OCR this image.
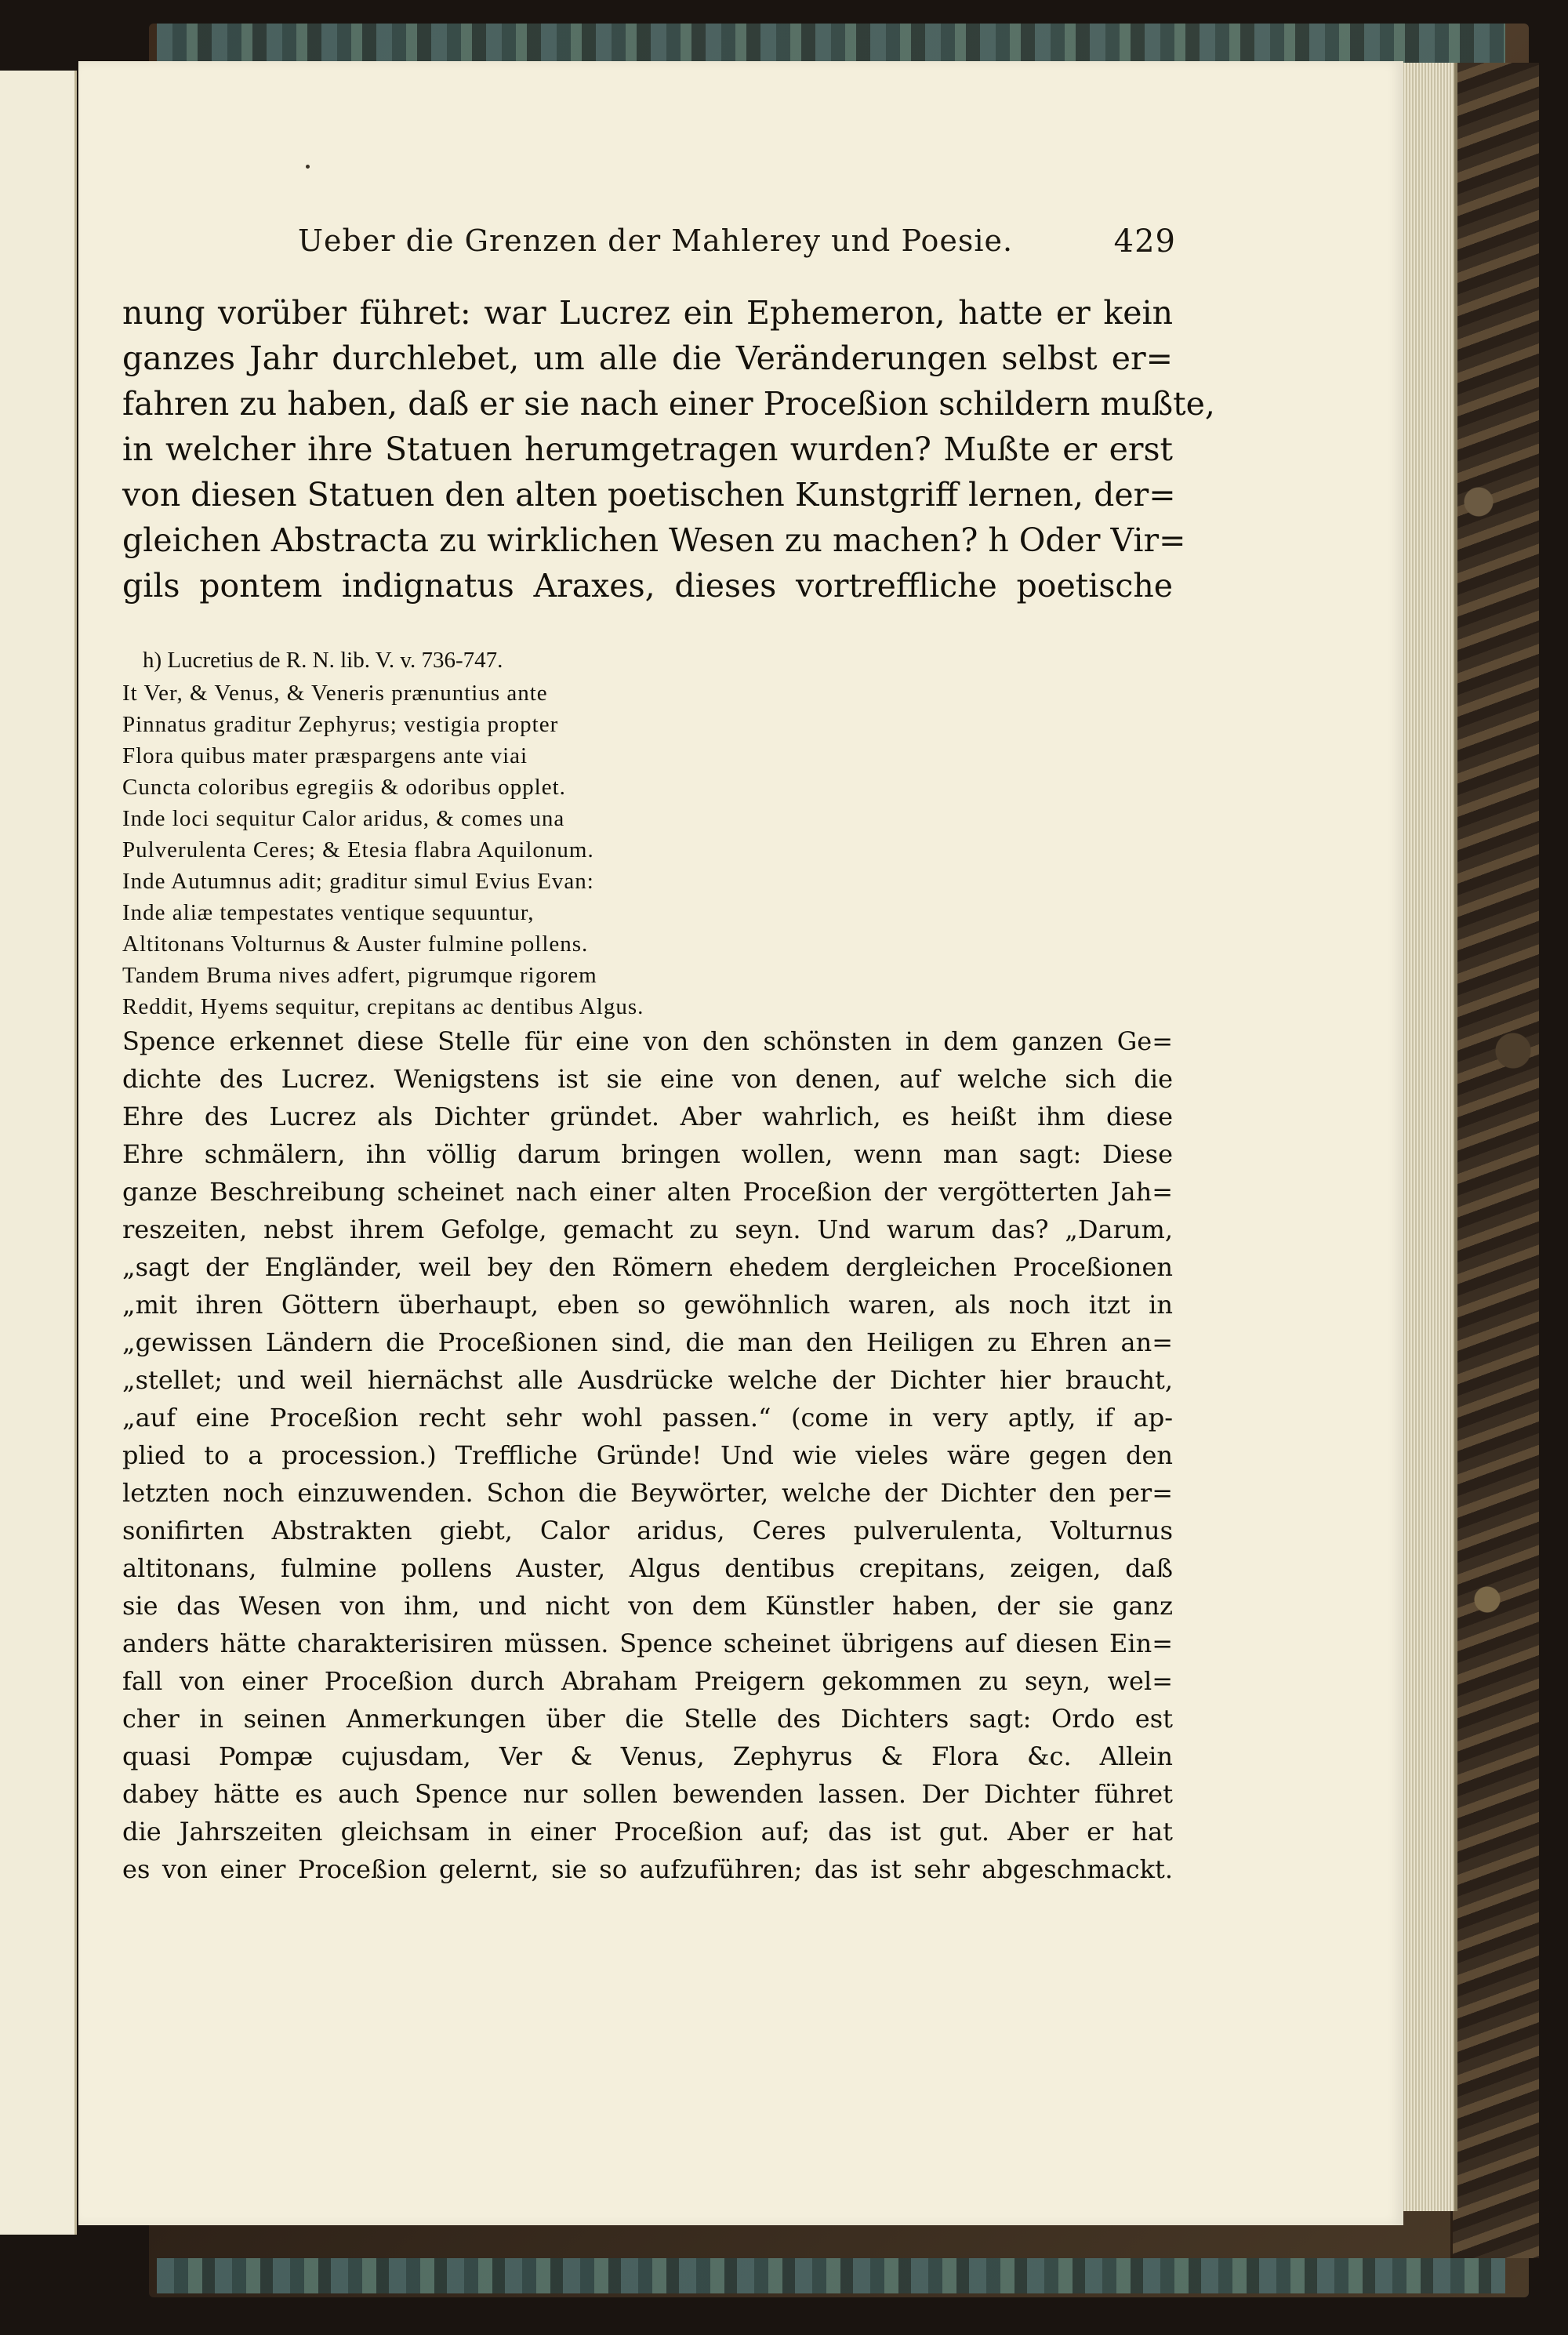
Ueber die Grenzen der Mahlerey und Poesie.	429
nung vorüber führet: war Lucrez ein Ephemeron, hatte er kein
ganzes Jahr durchlebet, um alle die Veränderungen selbst er=
fahren zu haben, daß er sie nach einer Proceßion schildern mußte,
in welcher ihre Statuen herumgetragen wurden? Mußte er erst
von diesen Statuen den alten poetischen Kunstgriff lernen, der=
gleichen Abstracta zu wirklichen Wesen zu machen? h Oder Vir=
gils pontem indignatus Araxes, dieses vortreffliche poetische
h) Lucretius de R. N. lib. V. v. 736-747.
It Ver, & Venus, & Veneris prænuntius ante
Pinnatus graditur Zephyrus; vestigia propter
Flora quibus mater præspargens ante viai
Cuncta coloribus egregiis & odoribus opplet.
Inde loci sequitur Calor aridus, & comes una
Pulverulenta Ceres; & Etesia flabra Aquilonum.
Inde Autumnus adit; graditur simul Evius Evan:
Inde aliæ tempestates ventique sequuntur,
Altitonans Volturnus & Auster fulmine pollens.
Tandem Bruma nives adfert, pigrumque rigorem
Reddit, Hyems sequitur, crepitans ac dentibus Algus.
Spence erkennet diese Stelle für eine von den schönsten in dem ganzen Ge=
dichte des Lucrez. Wenigstens ist sie eine von denen, auf welche sich die
Ehre des Lucrez als Dichter gründet. Aber wahrlich, es heißt ihm diese
Ehre schmälern, ihn völlig darum bringen wollen, wenn man sagt: Diese
ganze Beschreibung scheinet nach einer alten Proceßion der vergötterten Jah=
reszeiten, nebst ihrem Gefolge, gemacht zu seyn. Und warum das? „Darum,
„sagt der Engländer, weil bey den Römern ehedem dergleichen Proceßionen
„mit ihren Göttern überhaupt, eben so gewöhnlich waren, als noch itzt in
„gewissen Ländern die Proceßionen sind, die man den Heiligen zu Ehren an=
„stellet; und weil hiernächst alle Ausdrücke welche der Dichter hier braucht,
„auf eine Proceßion recht sehr wohl passen.“ (come in very aptly, if ap-
plied to a procession.) Treffliche Gründe! Und wie vieles wäre gegen den
letzten noch einzuwenden. Schon die Beywörter, welche der Dichter den per=
sonifirten Abstrakten giebt, Calor aridus, Ceres pulverulenta, Volturnus
altitonans, fulmine pollens Auster, Algus dentibus crepitans, zeigen, daß
sie das Wesen von ihm, und nicht von dem Künstler haben, der sie ganz
anders hätte charakterisiren müssen. Spence scheinet übrigens auf diesen Ein=
fall von einer Proceßion durch Abraham Preigern gekommen zu seyn, wel=
cher in seinen Anmerkungen über die Stelle des Dichters sagt: Ordo est
quasi Pompæ cujusdam, Ver & Venus, Zephyrus & Flora &c. Allein
dabey hätte es auch Spence nur sollen bewenden lassen. Der Dichter führet
die Jahrszeiten gleichsam in einer Proceßion auf; das ist gut. Aber er hat
es von einer Proceßion gelernt, sie so aufzuführen; das ist sehr abgeschmackt.
